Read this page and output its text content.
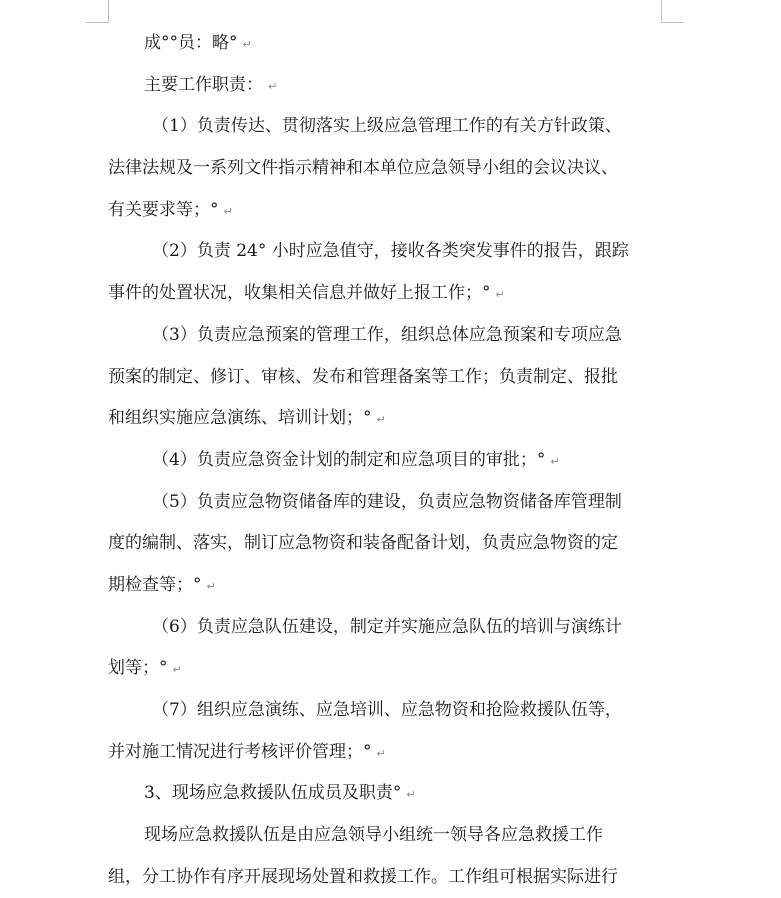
成°°员：略° ↵
主要工作职责： ↵
（1）负责传达、贯彻落实上级应急管理工作的有关方针政策、
法律法规及一系列文件指示精神和本单位应急领导小组的会议决议、
有关要求等；° ↵
（2）负责 24° 小时应急值守，接收各类突发事件的报告，跟踪
事件的处置状况，收集相关信息并做好上报工作；° ↵
（3）负责应急预案的管理工作，组织总体应急预案和专项应急
预案的制定、修订、审核、发布和管理备案等工作；负责制定、报批
和组织实施应急演练、培训计划；° ↵
（4）负责应急资金计划的制定和应急项目的审批；° ↵
（5）负责应急物资储备库的建设，负责应急物资储备库管理制
度的编制、落实，制订应急物资和装备配备计划，负责应急物资的定
期检查等；° ↵
（6）负责应急队伍建设，制定并实施应急队伍的培训与演练计
划等；° ↵
（7）组织应急演练、应急培训、应急物资和抢险救援队伍等，
并对施工情况进行考核评价管理；° ↵
3、现场应急救援队伍成员及职责° ↵
现场应急救援队伍是由应急领导小组统一领导各应急救援工作
组，分工协作有序开展现场处置和救援工作。工作组可根据实际进行
